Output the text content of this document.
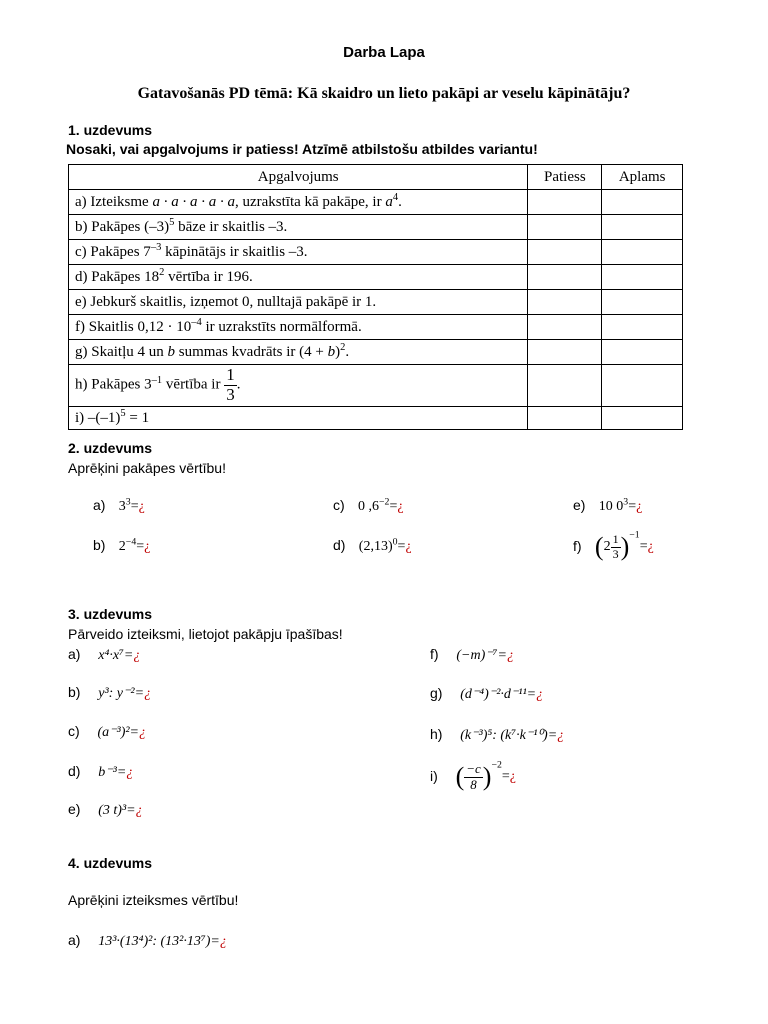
Darba Lapa
Gatavošanās PD tēmā: Kā skaidro un lieto pakāpi ar veselu kāpinātāju?
1. uzdevums
Nosaki, vai apgalvojums ir patiess! Atzīmē atbilstošu atbildes variantu!
Apgalvojums	Patiess	Aplams
a) Izteiksme a · a · a · a · a, uzrakstīta kā pakāpe, ir $a^4$.		
b) Pakāpes $(-3)^5$ bāze ir skaitlis –3.		
c) Pakāpes $7^{-3}$ kāpinātājs ir skaitlis –3.		
d) Pakāpes $18^2$ vērtība ir 196.		
e) Jebkurš skaitlis, izņemot 0, nulltajā pakāpē ir 1.		
f) Skaitlis $0,12 \cdot 10^{-4}$ ir uzrakstīts normālformā.		
g) Skaitļu 4 un b summas kvadrāts ir $(4 + b)^2$.		
h) Pakāpes $3^{-1}$ vērtība ir $\frac{1}{3}$ .		
i) $-(-1)^5 = 1$		
2. uzdevums
Aprēķini pakāpes vērtību!
a) $3^3=¿$
b) $2^{-4}=¿$
c) 0 $,6^{-2}=¿$
d) $(2,13)^0=¿$
e) 10 $0^3=¿$
f) ($2 \frac{1}{3}$ )$^{-1}$=¿
3. uzdevums
Pārveido izteiksmi, lietojot pakāpju īpašības!
a) x⁴·x⁷=¿
b) y³: y⁻²=¿
c) (a⁻³)²=¿
d) b⁻³=¿
e) (3 t)³=¿
f) (−m)⁻⁷=¿
g) (d⁻⁴)⁻²·d⁻¹¹=¿
h) (k⁻³)⁵: (k⁷·k⁻¹⁰)=¿
i) ( $\frac{-c}{8}$ )$^{-2}$=¿
4. uzdevums
Aprēķini izteiksmes vērtību!
a) 13³·(13⁴)²: (13²·13⁷)=¿
